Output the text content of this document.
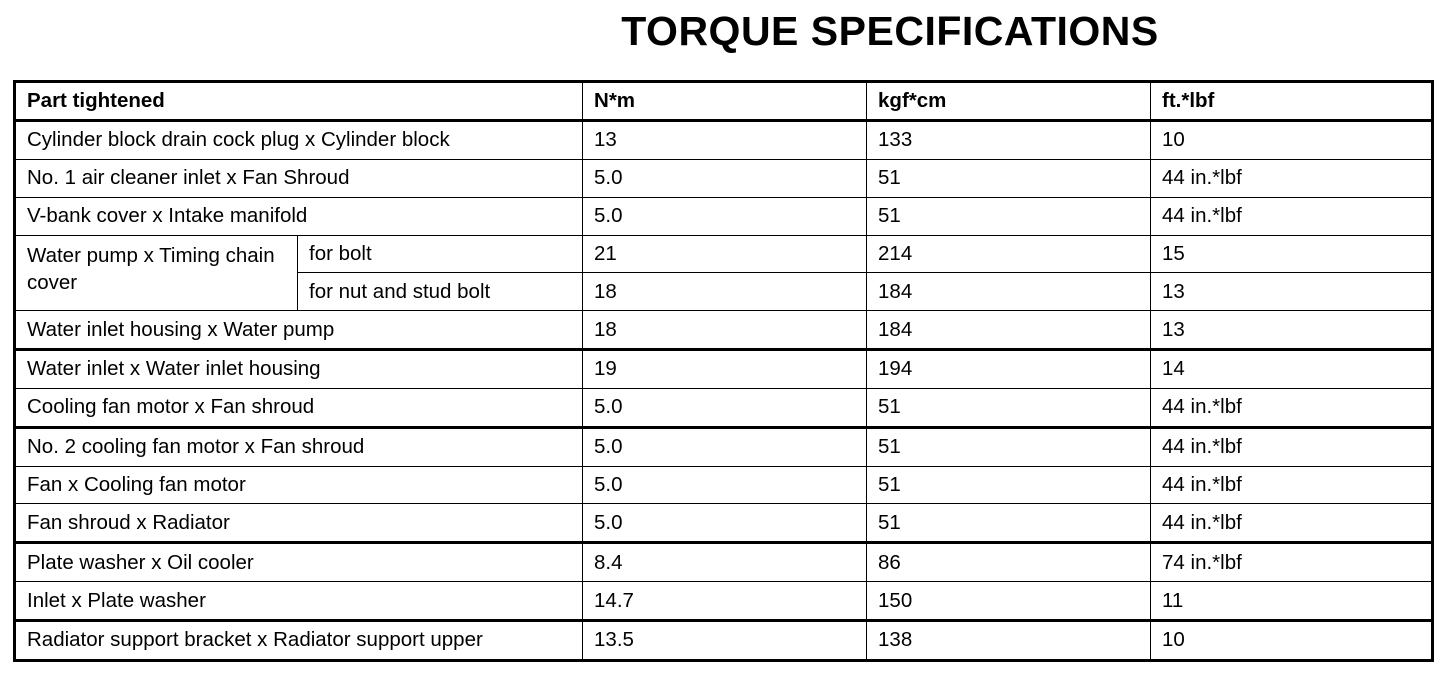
TORQUE SPECIFICATIONS
Part tightened		N*m	kgf*cm	ft.*lbf
Cylinder block drain cock plug x Cylinder block		13	133	10
No. 1 air cleaner inlet x Fan Shroud		5.0	51	44 in.*lbf
V-bank cover x Intake manifold		5.0	51	44 in.*lbf
Water pump x Timing chain cover	for bolt	21	214	15
	for nut and stud bolt	18	184	13
Water inlet housing x Water pump		18	184	13
Water inlet x Water inlet housing		19	194	14
Cooling fan motor x Fan shroud		5.0	51	44 in.*lbf
No. 2 cooling fan motor x Fan shroud		5.0	51	44 in.*lbf
Fan x Cooling fan motor		5.0	51	44 in.*lbf
Fan shroud x Radiator		5.0	51	44 in.*lbf
Plate washer x Oil cooler		8.4	86	74 in.*lbf
Inlet x Plate washer		14.7	150	11
Radiator support bracket x Radiator support upper		13.5	138	10
